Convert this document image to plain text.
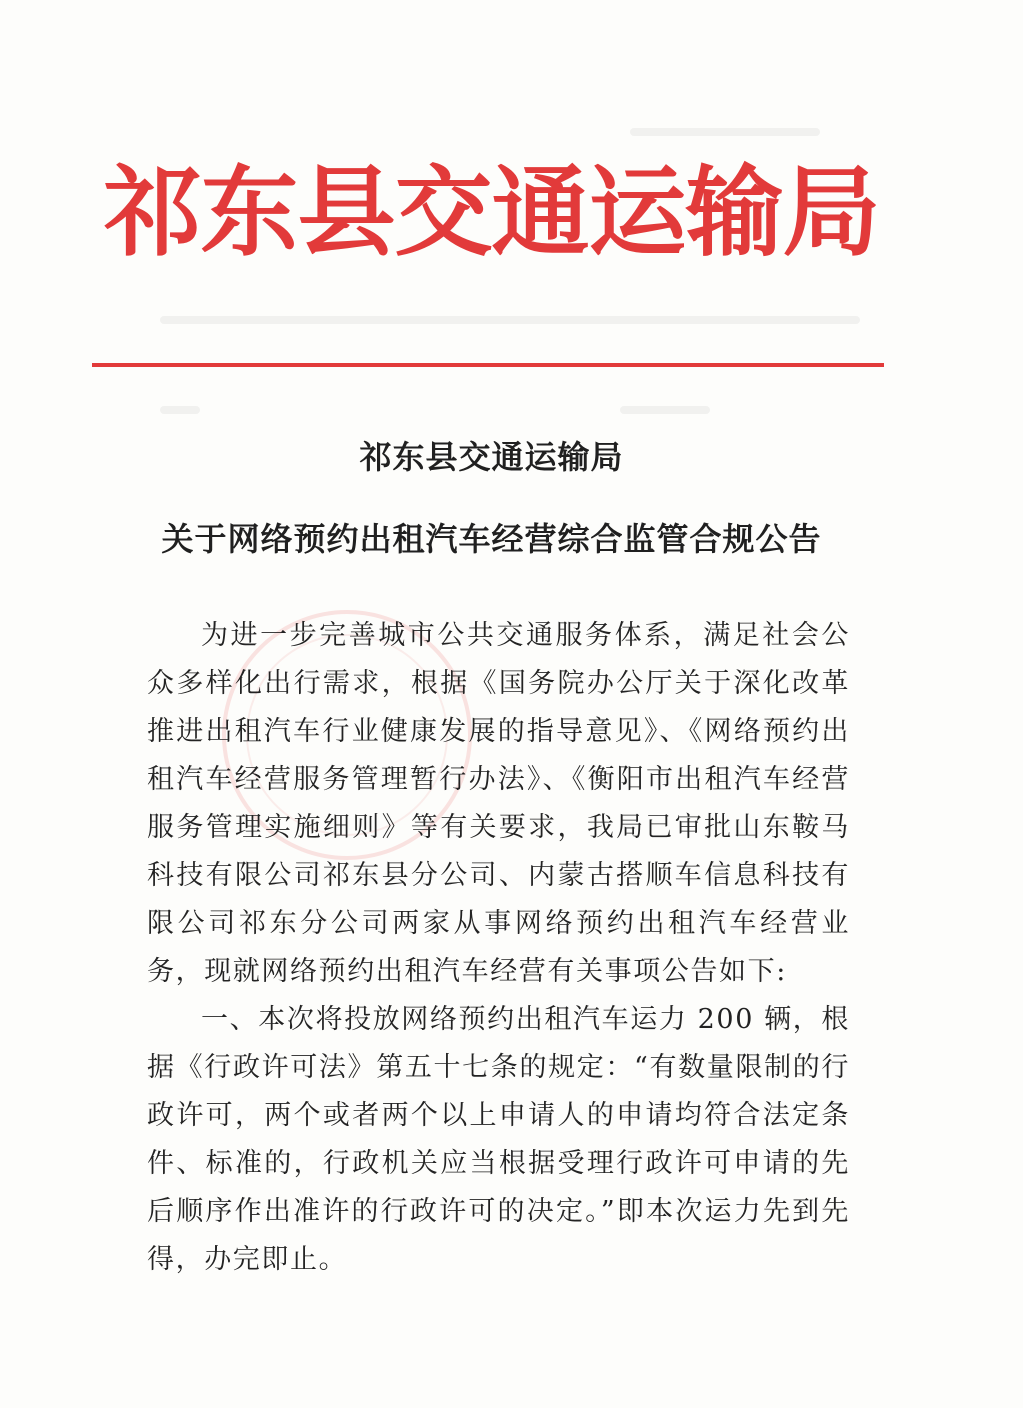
祁东县交通运输局
祁东县交通运输局
关于网络预约出租汽车经营综合监管合规公告

为进一步完善城市公共交通服务体系，满足社会公众多样化出行需求，根据《国务院办公厅关于深化改革推进出租汽车行业健康发展的指导意见》、《网络预约出租汽车经营服务管理暂行办法》、《衡阳市出租汽车经营服务管理实施细则》等有关要求，我局已审批山东鞍马科技有限公司祁东县分公司、内蒙古搭顺车信息科技有限公司祁东分公司两家从事网络预约出租汽车经营业务，现就网络预约出租汽车经营有关事项公告如下:

一、本次将投放网络预约出租汽车运力 200 辆，根据《行政许可法》第五十七条的规定：“有数量限制的行政许可，两个或者两个以上申请人的申请均符合法定条件、标准的，行政机关应当根据受理行政许可申请的先后顺序作出准许的行政许可的决定。”即本次运力先到先得，办完即止。
